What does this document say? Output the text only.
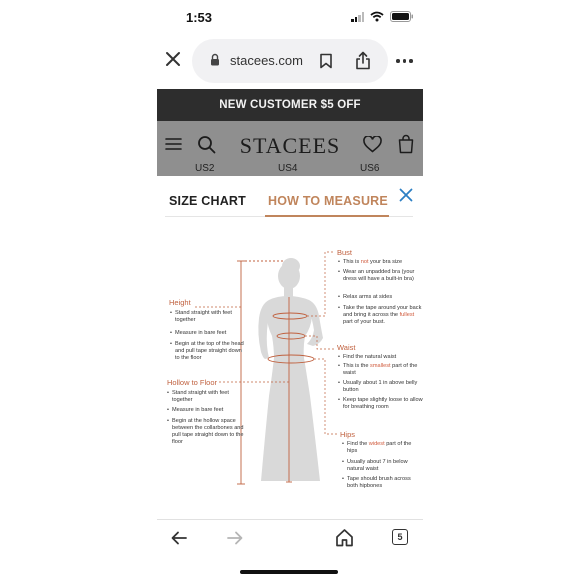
1:53
stacees.com
NEW CUSTOMER $5 OFF
STACEES
US2	US4	US6
SIZE CHART HOW TO MEASURE
Height
• Stand straight with feet together
• Measure in bare feet
• Begin at the top of the head and pull tape straight down to the floor
Hollow to Floor
• Stand straight with feet together
• Measure in bare feet
• Begin at the hollow space between the collarbones and pull tape straight down to the floor
Bust
• This is not your bra size
• Wear an unpadded bra (your dress will have a built-in bra)
• Relax arms at sides
• Take the tape around your back and bring it across the fullest part of your bust.
Waist
• Find the natural waist
• This is the smallest part of the waist
• Usually about 1 in above belly button
• Keep tape slightly loose to allow for breathing room
Hips
• Find the widest part of the hips
• Usually about 7 in below natural waist
• Tape should brush across both hipbones
5
